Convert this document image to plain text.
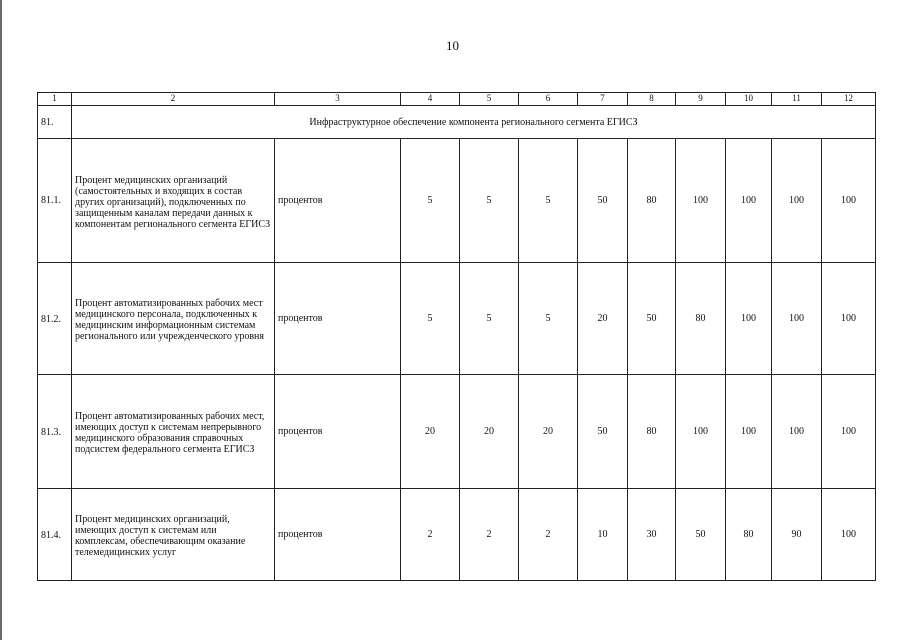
10
1	2	3	4	5	6	7	8	9	10	11	12
81.	Инфраструктурное обеспечение компонента регионального сегмента ЕГИСЗ										
81.1.	Процент медицинских организаций (самостоятельных и входящих в состав других организаций), подключенных по защищенным каналам передачи данных к компонентам регионального сегмента ЕГИСЗ	процентов	5	5	5	50	80	100	100	100	100
81.2.	Процент автоматизированных рабочих мест медицинского персонала, подключенных к медицинским информационным системам регионального или учрежденческого уровня	процентов	5	5	5	20	50	80	100	100	100
81.3.	Процент автоматизированных рабочих мест, имеющих доступ к системам непрерывного медицинского образования справочных подсистем федерального сегмента ЕГИСЗ	процентов	20	20	20	50	80	100	100	100	100
81.4.	Процент медицинских организаций, имеющих доступ к системам или комплексам, обеспечивающим оказание телемедицинских услуг	процентов	2	2	2	10	30	50	80	90	100
